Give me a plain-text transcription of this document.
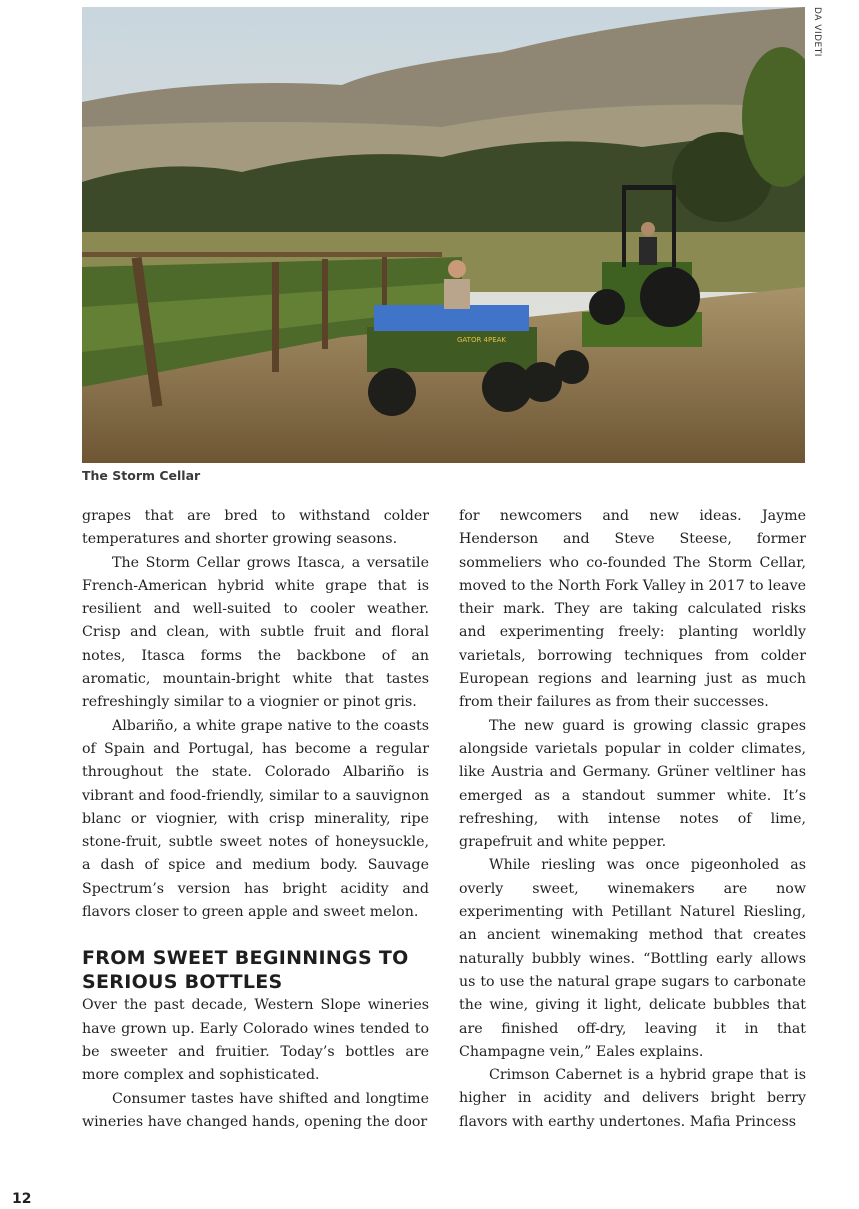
GATOR 4PEAK
DA VIDETI
The Storm Cellar

grapes that are bred to withstand colder temperatures and shorter growing seasons.

The Storm Cellar grows Itasca, a versatile French-American hybrid white grape that is resilient and well-suited to cooler weather. Crisp and clean, with subtle fruit and floral notes, Itasca forms the backbone of an aromatic, mountain-bright white that tastes refreshingly similar to a viognier or pinot gris.

Albariño, a white grape native to the coasts of Spain and Portugal, has become a regular throughout the state. Colorado Albariño is vibrant and food-friendly, similar to a sauvignon blanc or viognier, with crisp minerality, ripe stone-fruit, subtle sweet notes of honeysuckle, a dash of spice and medium body. Sauvage Spectrum’s version has bright acidity and flavors closer to green apple and sweet melon.

FROM SWEET BEGINNINGS TO SERIOUS BOTTLES

Over the past decade, Western Slope wineries have grown up. Early Colorado wines tended to be sweeter and fruitier. Today’s bottles are more complex and sophisticated.

Consumer tastes have shifted and longtime wineries have changed hands, opening the door

for newcomers and new ideas. Jayme Henderson and Steve Steese, former sommeliers who co-founded The Storm Cellar, moved to the North Fork Valley in 2017 to leave their mark. They are taking calculated risks and experimenting freely: planting worldly varietals, borrowing techniques from colder European regions and learning just as much from their failures as from their successes.

The new guard is growing classic grapes alongside varietals popular in colder climates, like Austria and Germany. Grüner veltliner has emerged as a standout summer white. It’s refreshing, with intense notes of lime, grapefruit and white pepper.

While riesling was once pigeonholed as overly sweet, winemakers are now experimenting with Petillant Naturel Riesling, an ancient winemaking method that creates naturally bubbly wines. “Bottling early allows us to use the natural grape sugars to carbonate the wine, giving it light, delicate bubbles that are finished off-dry, leaving it in that Champagne vein,” Eales explains.

Crimson Cabernet is a hybrid grape that is higher in acidity and delivers bright berry flavors with earthy undertones. Mafia Princess

12
